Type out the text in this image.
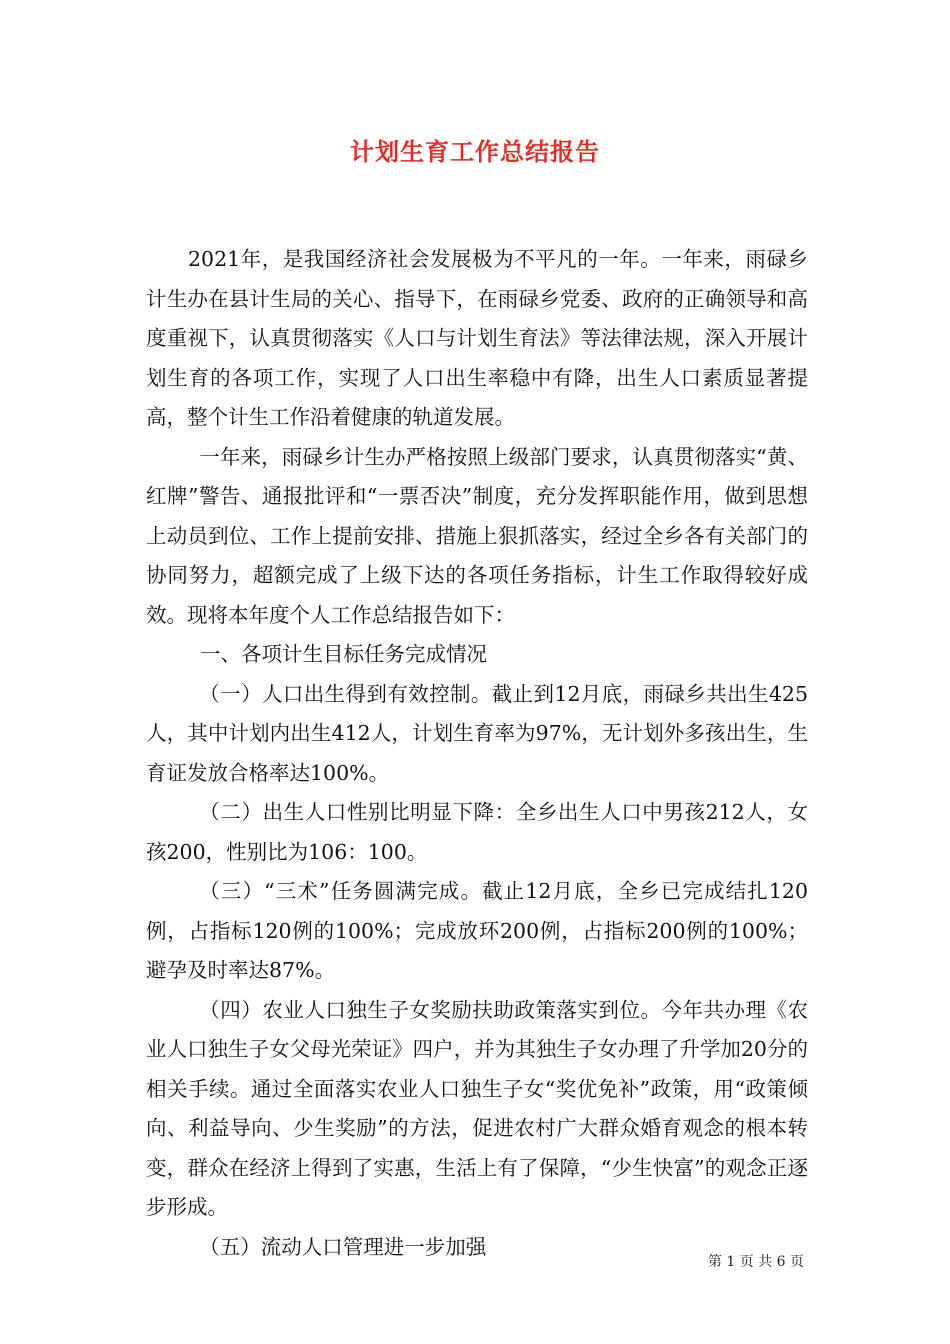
计划生育工作总结报告

2021年，是我国经济社会发展极为不平凡的一年。一年来，雨碌乡计生办在县计生局的关心、指导下，在雨碌乡党委、政府的正确领导和高度重视下，认真贯彻落实《人口与计划生育法》等法律法规，深入开展计划生育的各项工作，实现了人口出生率稳中有降，出生人口素质显著提高，整个计生工作沿着健康的轨道发展。

一年来，雨碌乡计生办严格按照上级部门要求，认真贯彻落实“黄、红牌”警告、通报批评和“一票否决”制度，充分发挥职能作用，做到思想上动员到位、工作上提前安排、措施上狠抓落实，经过全乡各有关部门的协同努力，超额完成了上级下达的各项任务指标，计生工作取得较好成效。现将本年度个人工作总结报告如下：

一、各项计生目标任务完成情况

（一）人口出生得到有效控制。截止到12月底，雨碌乡共出生425人，其中计划内出生412人，计划生育率为97%，无计划外多孩出生，生育证发放合格率达100%。

（二）出生人口性别比明显下降：全乡出生人口中男孩212人，女孩200，性别比为106：100。

（三）“三术”任务圆满完成。截止12月底，全乡已完成结扎120例，占指标120例的100%；完成放环200例，占指标200例的100%；避孕及时率达87%。

（四）农业人口独生子女奖励扶助政策落实到位。今年共办理《农业人口独生子女父母光荣证》四户，并为其独生子女办理了升学加20分的相关手续。通过全面落实农业人口独生子女“奖优免补”政策，用“政策倾向、利益导向、少生奖励”的方法，促进农村广大群众婚育观念的根本转变，群众在经济上得到了实惠，生活上有了保障，“少生快富”的观念正逐步形成。

（五）流动人口管理进一步加强

第 1 页 共 6 页
